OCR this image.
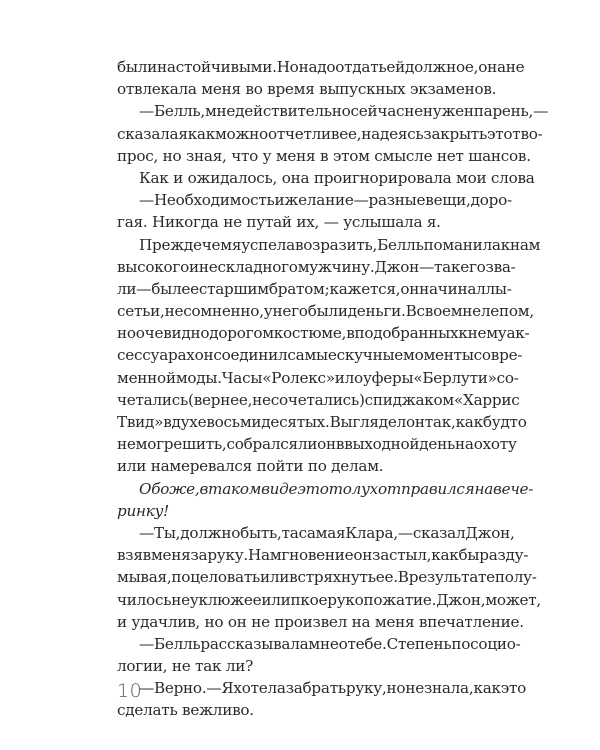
были настойчивыми. Но надо отдать ей должное, она не
отвлекала меня во время выпускных экзаменов.
— Белль, мне действительно сейчас не нужен парень, —
сказала я как можно отчетливее, надеясь закрыть этот во-
прос, но зная, что у меня в этом смысле нет шансов.
Как и ожидалось, она проигнорировала мои слова
— Необходимость и желание — разные вещи, доро-
гая. Никогда не путай их, — услышала я.
Прежде чем я успела возразить, Белль поманила к нам
высокого и нескладного мужчину. Джон — так его зва-
ли — был ее старшим братом; кажется, он начинал лы-
сеть и, несомненно, у него были деньги. В своем нелепом,
но очевидно дорогом костюме, в подобранных к нему ак-
сессуарах он соединил самые скучные моменты совре-
менной моды. Часы «Ролекс» и лоуферы «Берлути» со-
четались (вернее, не сочетались) с пиджаком «Харрис
Твид» в духе восьмидесятых. Выглядел он так, как будто
не мог решить, собрался ли он в выходной день на охоту
или намеревался пойти по делам.
О боже, в таком виде этот олух отправился на вече-
ринку!
— Ты, должно быть, та самая Клара, — сказал Джон,
взяв меня за руку. На мгновение он застыл, как бы разду-
мывая, поцеловать или встряхнуть ее. В результате полу-
чилось неуклюжее и липкое рукопожатие. Джон, может,
и удачлив, но он не произвел на меня впечатление.
— Белль рассказывала мне о тебе. Степень по социо-
логии, не так ли?
— Верно. — Я хотела забрать руку, но не знала, как это
сделать вежливо.
10
